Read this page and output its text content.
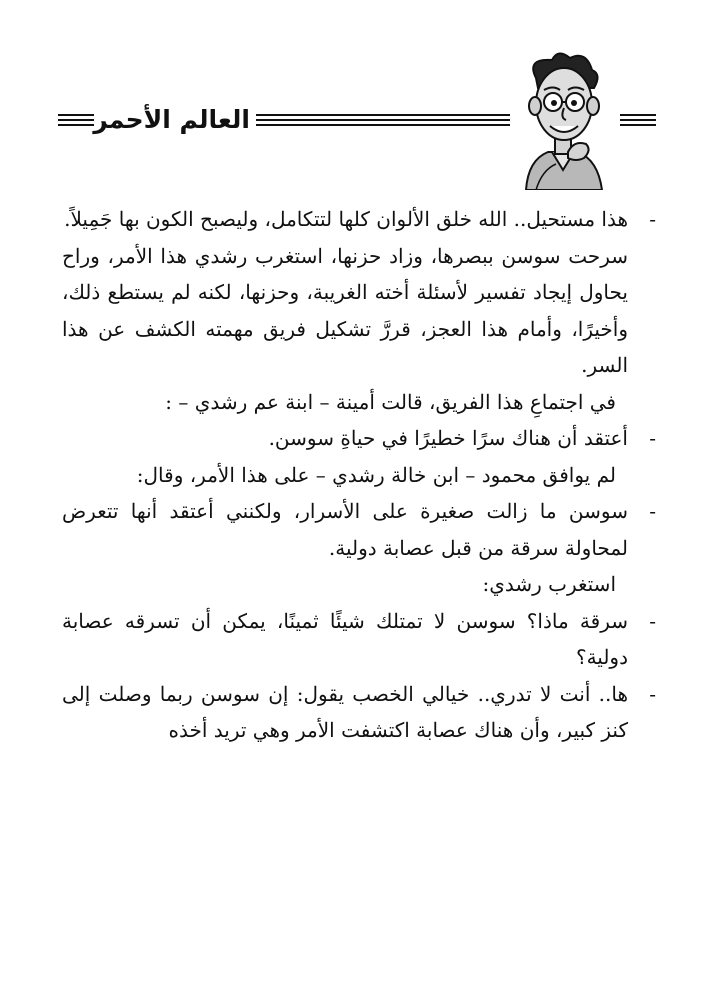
العالم الأحمر

-
هذا مستحيل.. الله خلق الألوان كلها لتتكامل، وليصبح الكون بها جَمِيلاً.

سرحت سوسن ببصرها، وزاد حزنها، استغرب رشدي هذا الأمر، وراح يحاول إيجاد تفسير لأسئلة أخته الغريبة، وحزنها، لكنه لم يستطع ذلك، وأخيرًا، وأمام هذا العجز، قررَّ تشكيل فريق مهمته الكشف عن هذا السر.

في اجتماعِ هذا الفريق، قالت أمينة – ابنة عم رشدي – :

-
أعتقد أن هناك سرًا خطيرًا في حياةِ سوسن.

لم يوافق محمود – ابن خالة رشدي – على هذا الأمر، وقال:

-
سوسن ما زالت صغيرة على الأسرار، ولكنني أعتقد أنها تتعرض لمحاولة سرقة من قبل عصابة دولية.

استغرب رشدي:

-
سرقة ماذا؟ سوسن لا تمتلك شيئًا ثمينًا، يمكن أن تسرقه عصابة دولية؟

-
ها.. أنت لا تدري.. خيالي الخصب يقول: إن سوسن ربما وصلت إلى كنز كبير، وأن هناك عصابة اكتشفت الأمر وهي تريد أخذه
